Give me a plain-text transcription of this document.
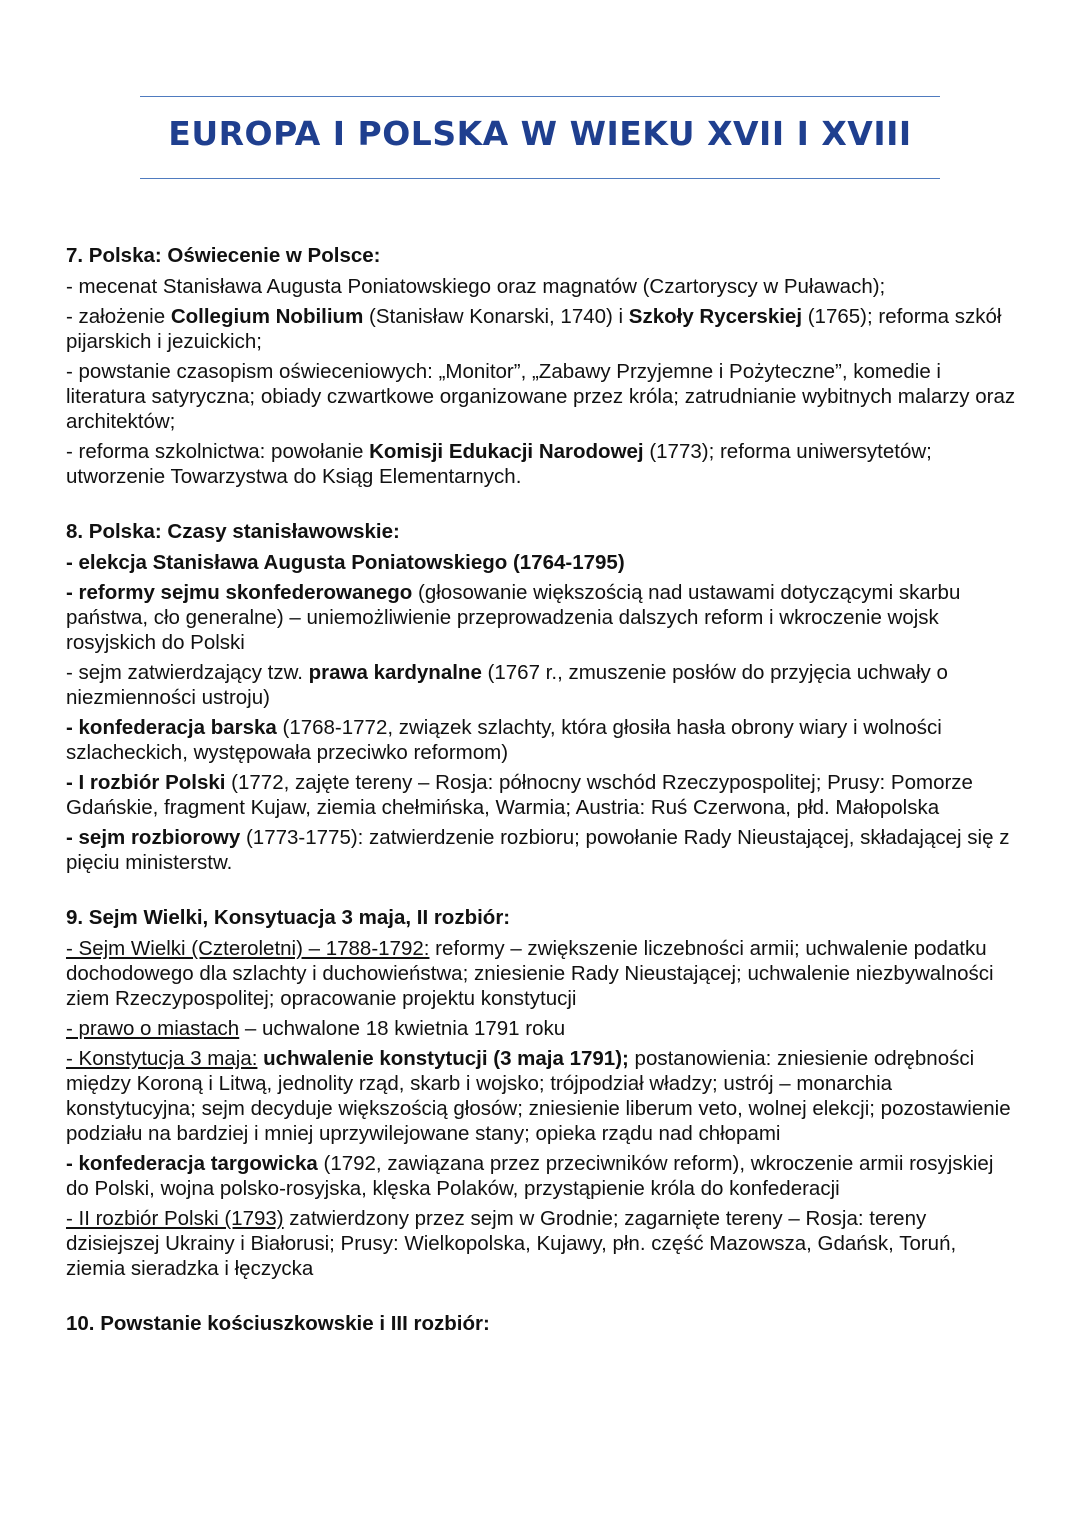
EUROPA I POLSKA W WIEKU XVII I XVIII
7. Polska: Oświecenie w Polsce:
- mecenat Stanisława Augusta Poniatowskiego oraz magnatów (Czartoryscy w Puławach);
- założenie Collegium Nobilium (Stanisław Konarski, 1740) i Szkoły Rycerskiej (1765); reforma szkół pijarskich i jezuickich;
- powstanie czasopism oświeceniowych: „Monitor”, „Zabawy Przyjemne i Pożyteczne”, komedie i literatura satyryczna; obiady czwartkowe organizowane przez króla; zatrudnianie wybitnych malarzy oraz architektów;
- reforma szkolnictwa: powołanie Komisji Edukacji Narodowej (1773); reforma uniwersytetów; utworzenie Towarzystwa do Ksiąg Elementarnych.
8. Polska: Czasy stanisławowskie:
- elekcja Stanisława Augusta Poniatowskiego (1764-1795)
- reformy sejmu skonfederowanego (głosowanie większością nad ustawami dotyczącymi skarbu państwa, cło generalne) – uniemożliwienie przeprowadzenia dalszych reform i wkroczenie wojsk rosyjskich do Polski
- sejm zatwierdzający tzw. prawa kardynalne (1767 r., zmuszenie posłów do przyjęcia uchwały o niezmienności ustroju)
- konfederacja barska (1768-1772, związek szlachty, która głosiła hasła obrony wiary i wolności szlacheckich, występowała przeciwko reformom)
- I rozbiór Polski (1772, zajęte tereny – Rosja: północny wschód Rzeczypospolitej; Prusy: Pomorze Gdańskie, fragment Kujaw, ziemia chełmińska, Warmia; Austria: Ruś Czerwona, płd. Małopolska
- sejm rozbiorowy (1773-1775): zatwierdzenie rozbioru; powołanie Rady Nieustającej, składającej się z pięciu ministerstw.
9. Sejm Wielki, Konsytuacja 3 maja, II rozbiór:
- Sejm Wielki (Czteroletni) – 1788-1792: reformy – zwiększenie liczebności armii; uchwalenie podatku dochodowego dla szlachty i duchowieństwa; zniesienie Rady Nieustającej; uchwalenie niezbywalności ziem Rzeczypospolitej; opracowanie projektu konstytucji
- prawo o miastach – uchwalone 18 kwietnia 1791 roku
- Konstytucja 3 maja: uchwalenie konstytucji (3 maja 1791); postanowienia: zniesienie odrębności między Koroną i Litwą, jednolity rząd, skarb i wojsko; trójpodział władzy; ustrój – monarchia konstytucyjna; sejm decyduje większością głosów; zniesienie liberum veto, wolnej elekcji; pozostawienie podziału na bardziej i mniej uprzywilejowane stany; opieka rządu nad chłopami
- konfederacja targowicka (1792, zawiązana przez przeciwników reform), wkroczenie armii rosyjskiej do Polski, wojna polsko-rosyjska, klęska Polaków, przystąpienie króla do konfederacji
- II rozbiór Polski (1793) zatwierdzony przez sejm w Grodnie; zagarnięte tereny – Rosja: tereny dzisiejszej Ukrainy i Białorusi; Prusy: Wielkopolska, Kujawy, płn. część Mazowsza, Gdańsk, Toruń, ziemia sieradzka i łęczycka
10. Powstanie kościuszkowskie i III rozbiór:
